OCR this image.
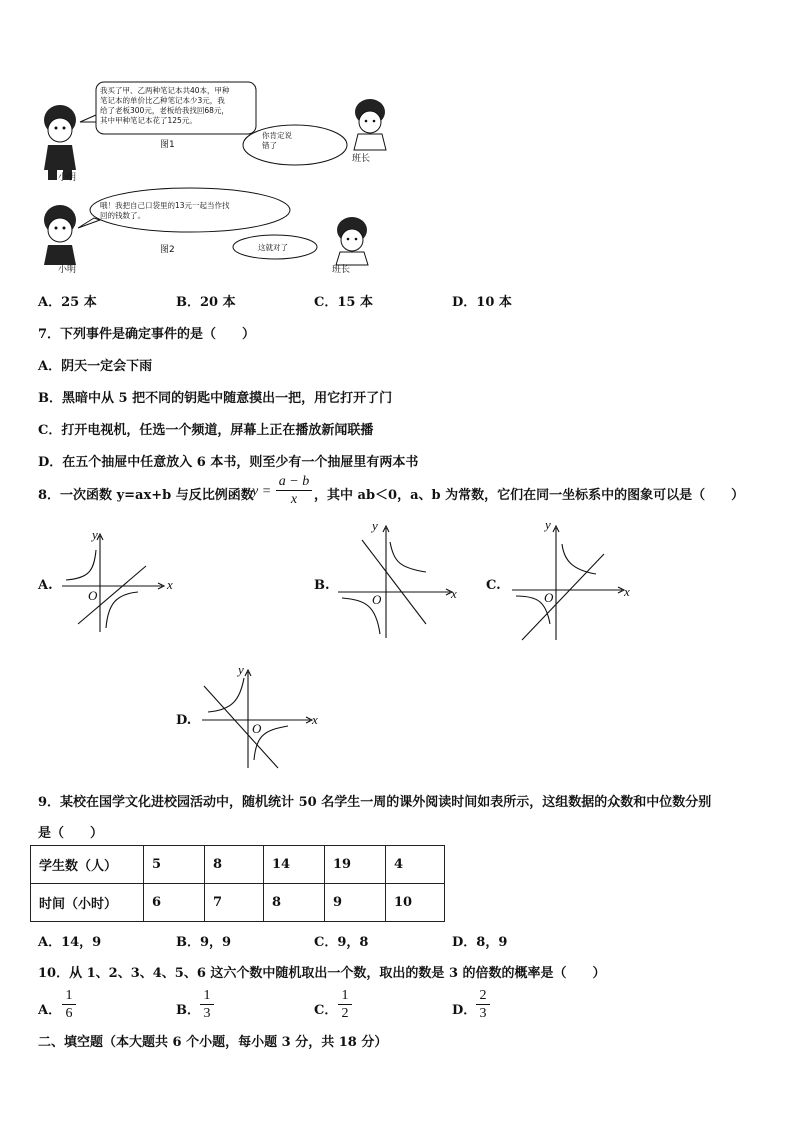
我买了甲、乙两种笔记本共40本，甲种
笔记本的单价比乙种笔记本少3元，我
给了老板300元，老板给我找回68元，
其中甲种笔记本花了125元。
你肯定说
错了
图1
小明
班长
哦！我把自己口袋里的13元一起当作找
回的钱数了。
这就对了
图2
小明	班长
A．25 本	B．20 本	C．15 本	D．10 本
7．下列事件是确定事件的是（　　）
A．阴天一定会下雨
B．黑暗中从 5 把不同的钥匙中随意摸出一把，用它打开了门
C．打开电视机，任选一个频道，屏幕上正在播放新闻联播
D．在五个抽屉中任意放入 6 本书，则至少有一个抽屉里有两本书
8．一次函数 y=ax+b 与反比例函数
y =
a − b
x	，其中 ab＜0，a、b 为常数，它们在同一坐标系中的图象可以是（　　）
A.	B.	C.
D.
y
x
O
y
x
O
y
x
O
y
x
O
9．某校在国学文化进校园活动中，随机统计 50 名学生一周的课外阅读时间如表所示，这组数据的众数和中位数分别
是（　　）
学生数（人）	5	8	14	19	4
时间（小时）	6	7	8	9	10
A．14，9	B．9，9	C．9，8	D．8，9
10．从 1、2、3、4、5、6 这六个数中随机取出一个数，取出的数是 3 的倍数的概率是（　　）
A．
1
6	B．
1
3	C．
1
2	D．
2
3
二、填空题（本大题共 6 个小题，每小题 3 分，共 18 分）
